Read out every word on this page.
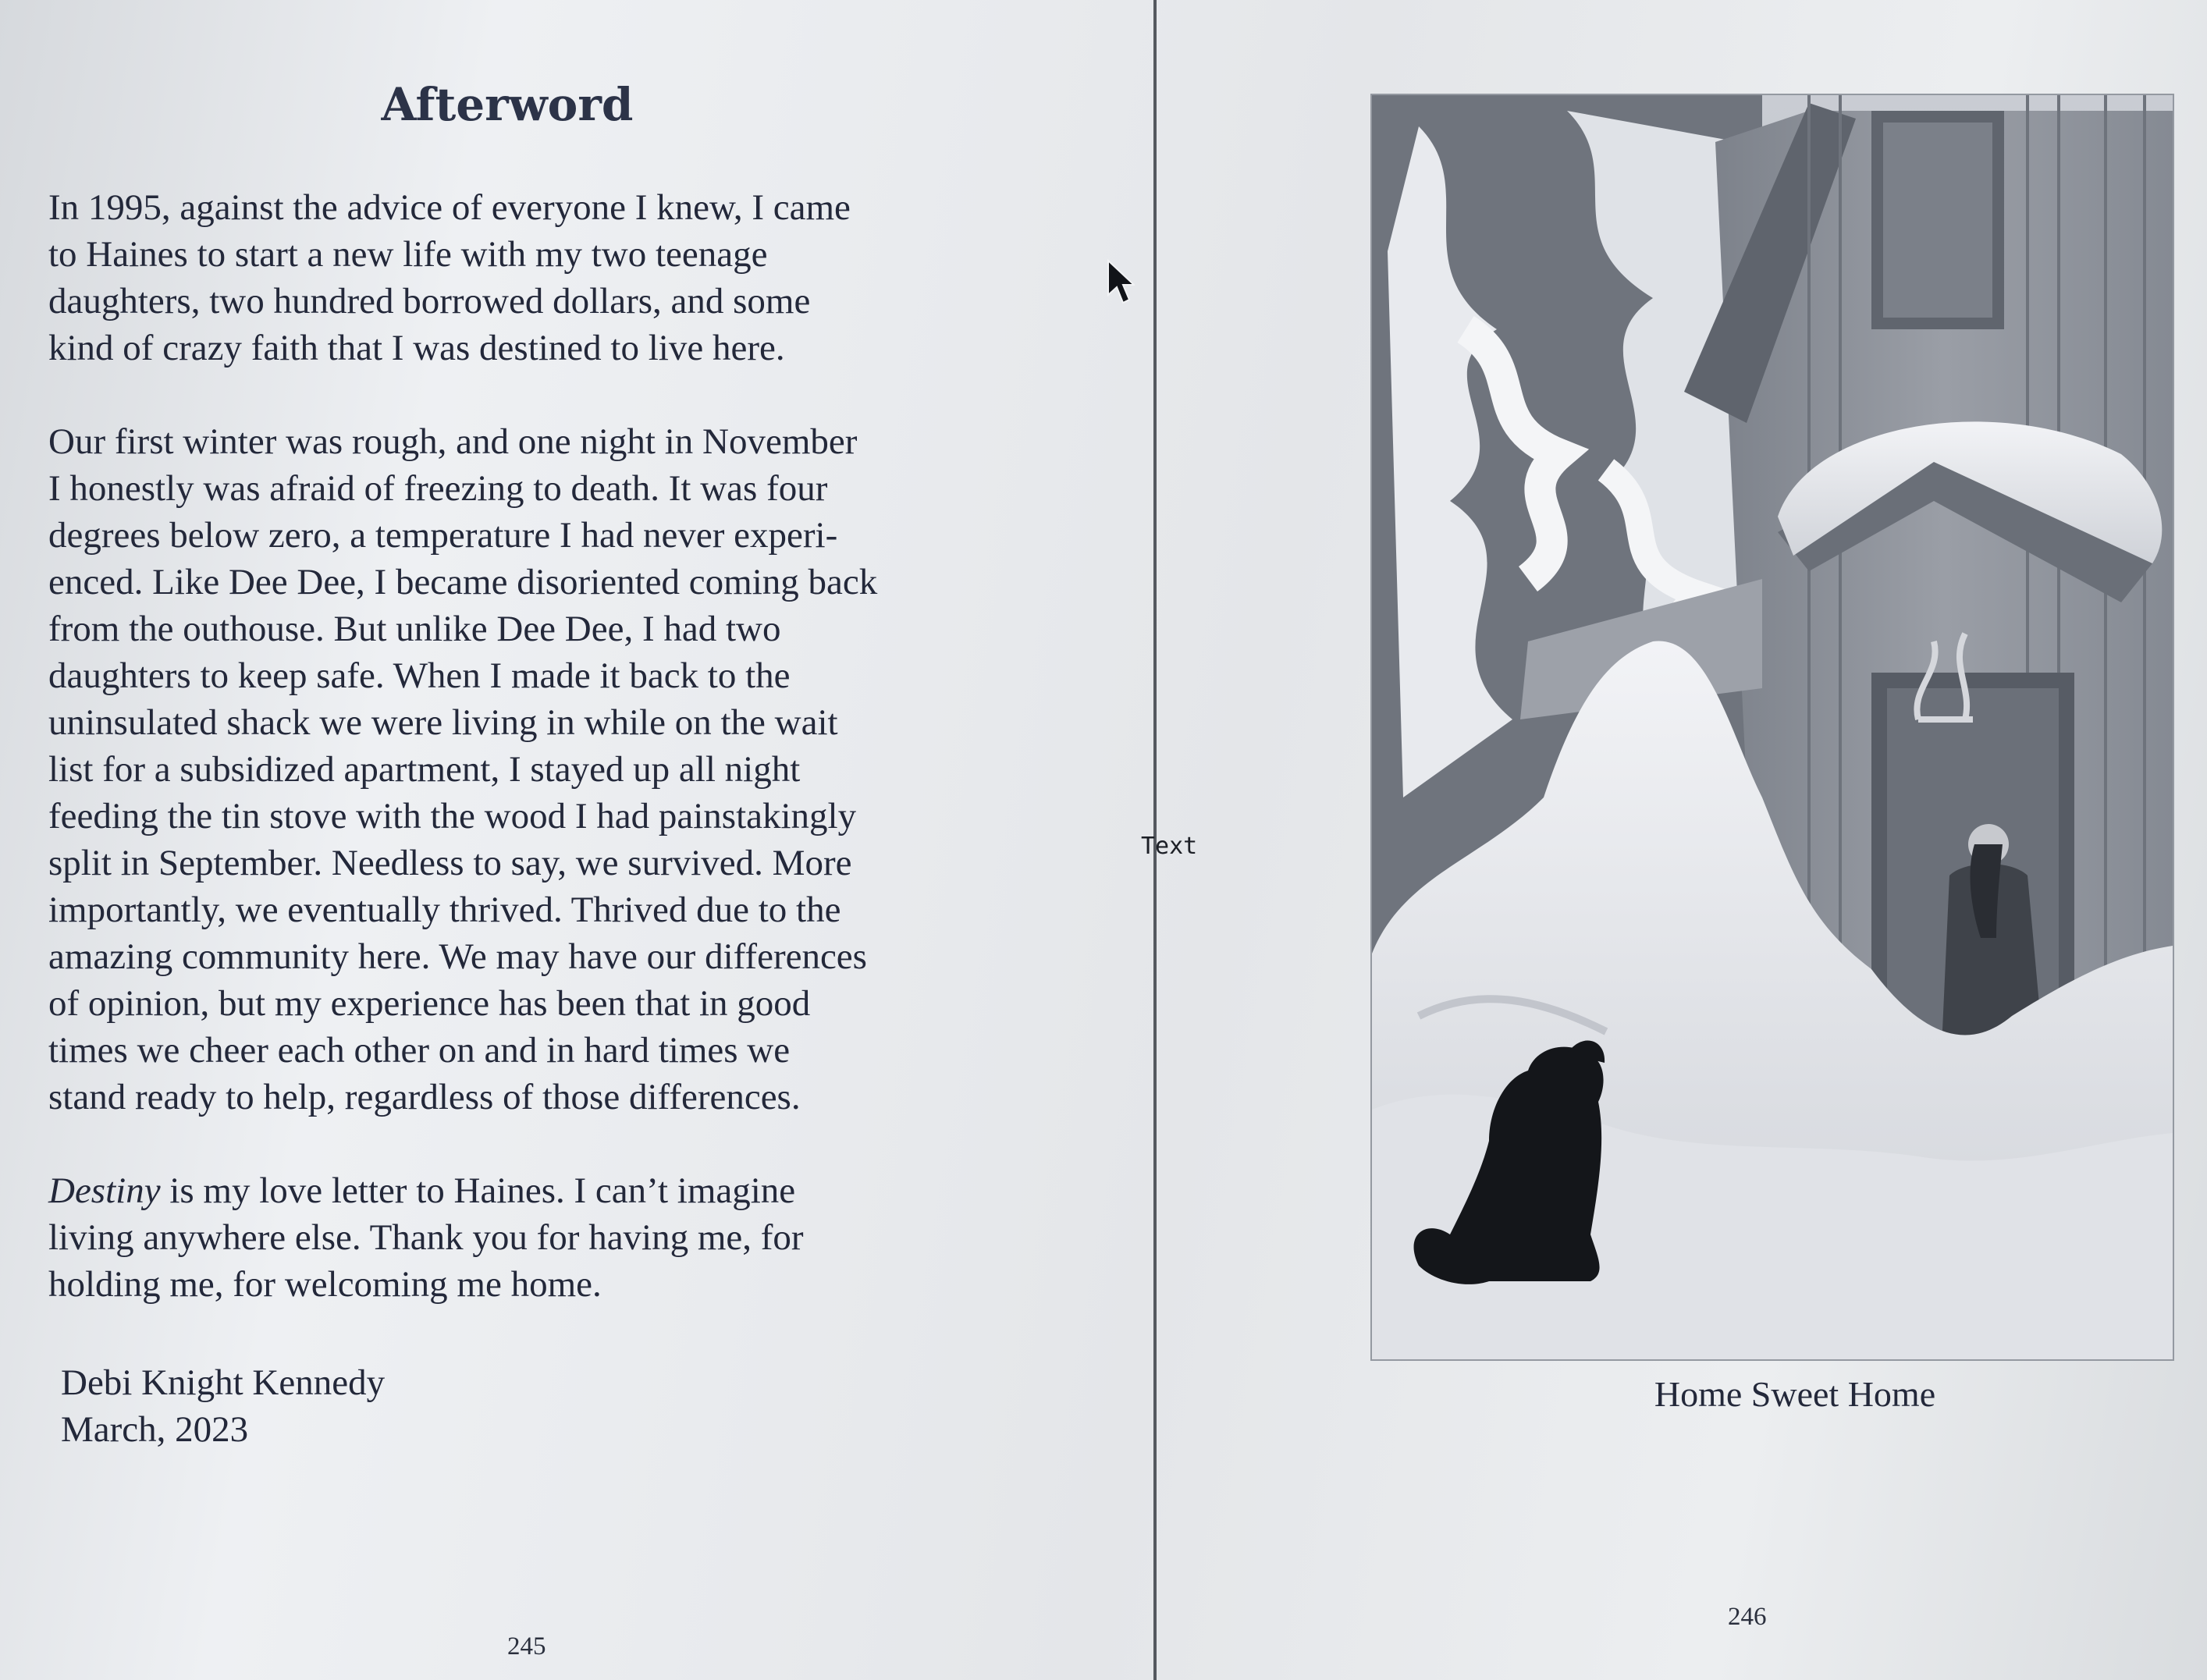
Afterword

In 1995, against the advice of everyone I knew, I came
to Haines to start a new life with my two teenage
daughters, two hundred borrowed dollars, and some
kind of crazy faith that I was destined to live here.

Our first winter was rough, and one night in November
I honestly was afraid of freezing to death. It was four
degrees below zero, a temperature I had never experi-
enced. Like Dee Dee, I became disoriented coming back
from the outhouse. But unlike Dee Dee, I had two
daughters to keep safe. When I made it back to the
uninsulated shack we were living in while on the wait
list for a subsidized apartment, I stayed up all night
feeding the tin stove with the wood I had painstakingly
split in September. Needless to say, we survived. More
importantly, we eventually thrived. Thrived due to the
amazing community here. We may have our differences
of opinion, but my experience has been that in good
times we cheer each other on and in hard times we
stand ready to help, regardless of those differences.

Destiny is my love letter to Haines. I can’t imagine
living anywhere else. Thank you for having me, for
holding me, for welcoming me home.

Debi Knight Kennedy
March, 2023
245
Home Sweet Home
246
Text
